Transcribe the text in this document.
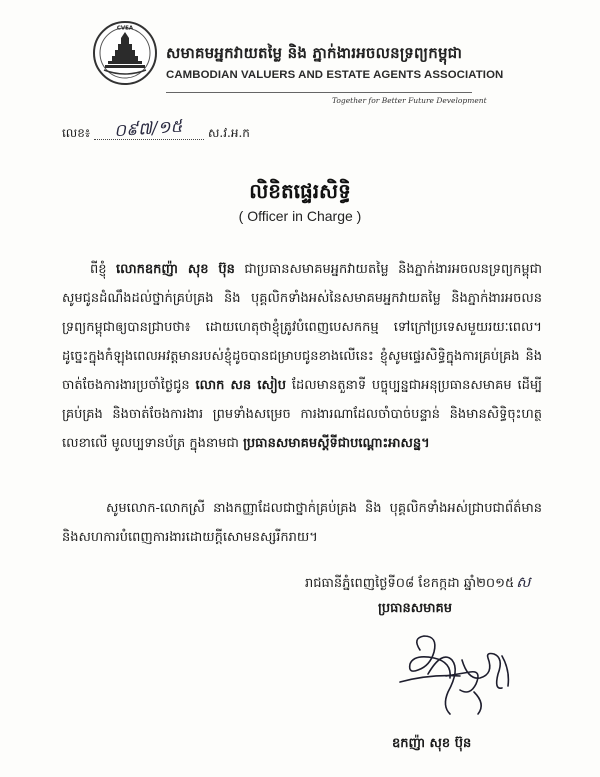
CVEA
សមាគមអ្នកវាយតម្លៃ និង ភ្នាក់ងារអចលនទ្រព្យកម្ពុជា
CAMBODIAN VALUERS AND ESTATE AGENTS ASSOCIATION
Together for Better Future Development
លេខ៖ ០៩៧/១៥ ស.វ.អ.ក
លិខិតផ្ទេរសិទ្ធិ
( Officer in Charge )

ពីខ្ញុំ លោកឧកញ៉ា សុខ ប៊ុន ជាប្រធានសមាគមអ្នកវាយតម្លៃ និងភ្នាក់ងារអចលនទ្រព្យកម្ពុជា សូមជូនដំណឹងដល់ថ្នាក់គ្រប់គ្រង និង បុគ្គលិកទាំងអស់នៃសមាគមអ្នកវាយតម្លៃ និងភ្នាក់ងារអចលនទ្រព្យកម្ពុជាឲ្យបានជ្រាបថា៖ ដោយហេតុថាខ្ញុំត្រូវបំពេញបេសកកម្ម ទៅក្រៅប្រទេសមួយរយៈពេល។ ដូច្នេះក្នុងកំឡុងពេលអវត្តមានរបស់ខ្ញុំដូចបានជម្រាបជូនខាងលើនេះ ខ្ញុំសូមផ្ទេរសិទ្ធិក្នុងការគ្រប់គ្រង និងចាត់ចែងការងារប្រចាំថ្ងៃជូន លោក សន សៀប ដែលមានតួនាទី បច្ចុប្បន្នជាអនុប្រធានសមាគម ដើម្បីគ្រប់គ្រង និងចាត់ចែងការងារ ព្រមទាំងសម្រេច ការងារណាដែលចាំបាច់បន្ទាន់ និងមានសិទ្ធិចុះហត្ថលេខាលើ មូលប្បទានប័ត្រ ក្នុងនាមជា ប្រធានសមាគមស្តីទីជាបណ្តោះអាសន្ន។

សូមលោក-លោកស្រី នាងកញ្ញាដែលជាថ្នាក់គ្រប់គ្រង និង បុគ្គលិកទាំងអស់ជ្រាបជាព័ត៌មាននិងសហការបំពេញការងារដោយក្តីសោមនស្សរីករាយ។

រាជធានីភ្នំពេញថ្ងៃទី០៨ ខែកក្កដា ឆ្នាំ២០១៥ ស
ប្រធានសមាគម
ឧកញ៉ា សុខ ប៊ុន
